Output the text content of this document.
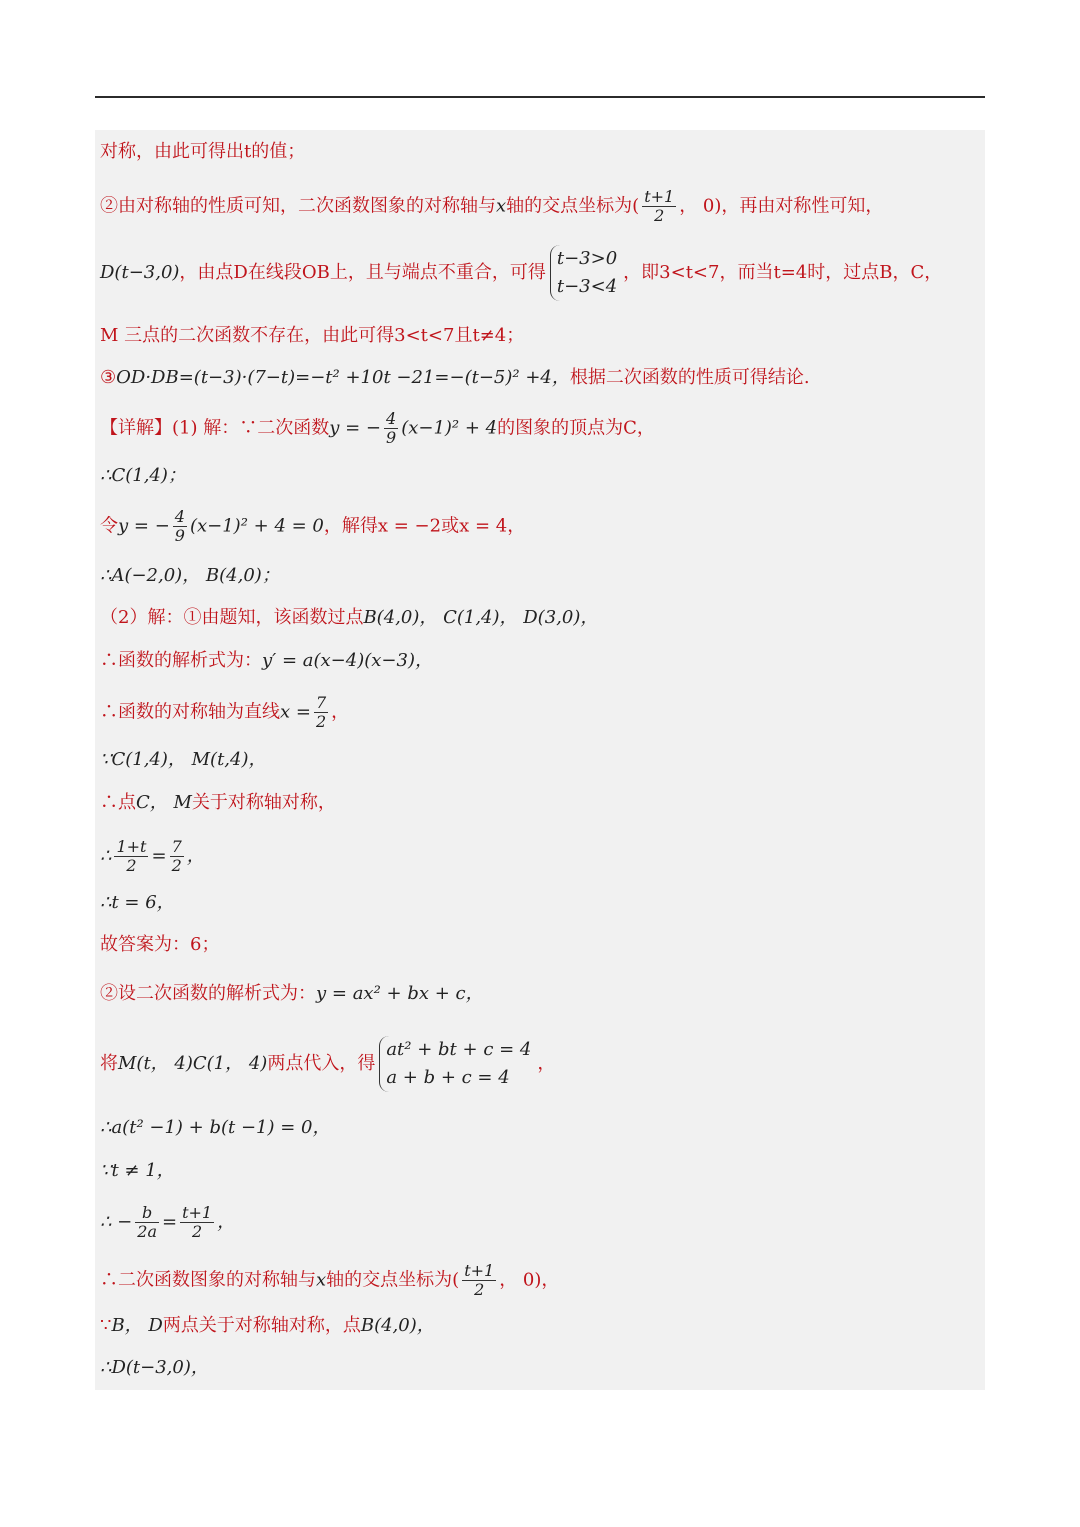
对称，由此可得出t的值；
②由对称轴的性质可知，二次函数图象的对称轴与x轴的交点坐标为( $\frac{t+1}{2}$ ， 0)，再由对称性可知，
D(t−3,0)，由点D在线段OB上，且与端点不重合，可得
t−3>0
t−3<4
，即3<t<7，而当t=4时，过点B，C，
M 三点的二次函数不存在，由此可得3<t<7且t≠4；
③OD·DB=(t−3)·(7−t)=−t² +10t −21=−(t−5)² +4，根据二次函数的性质可得结论.
【详解】(1) 解：∵二次函数y = − $\frac{4}{9} (x-1)^2 + 4$的图象的顶点为C，
∴C(1,4)；
令y = − $\frac{4}{9} (x-1)^2 + 4 = 0$，解得x = −2或x = 4，
∴A(−2,0)， B(4,0)；
（2）解：①由题知，该函数过点B(4,0)， C(1,4)， D(3,0)，
∴函数的解析式为：y′ = a(x−4)(x−3)，
∴函数的对称轴为直线$x = \frac{7}{2}$ ，
∵C(1,4)， M(t,4)，
∴点C， M关于对称轴对称，
∴ $\frac{1+t}{2} = \frac{7}{2}$ ，
∴t = 6，
故答案为：6；
②设二次函数的解析式为：y = ax² + bx + c，
将M(t， 4)C(1， 4)两点代入，得
at² + bt + c = 4
a + b + c = 4
，
∴a(t² −1) + b(t −1) = 0，
∵t ≠ 1，
∴ − $\frac{b}{2a} = \frac{t+1}{2}$ ，
∴二次函数图象的对称轴与x轴的交点坐标为( $\frac{t+1}{2}$ ， 0)，
∵B， D两点关于对称轴对称，点B(4,0)，
∴D(t−3,0)，
